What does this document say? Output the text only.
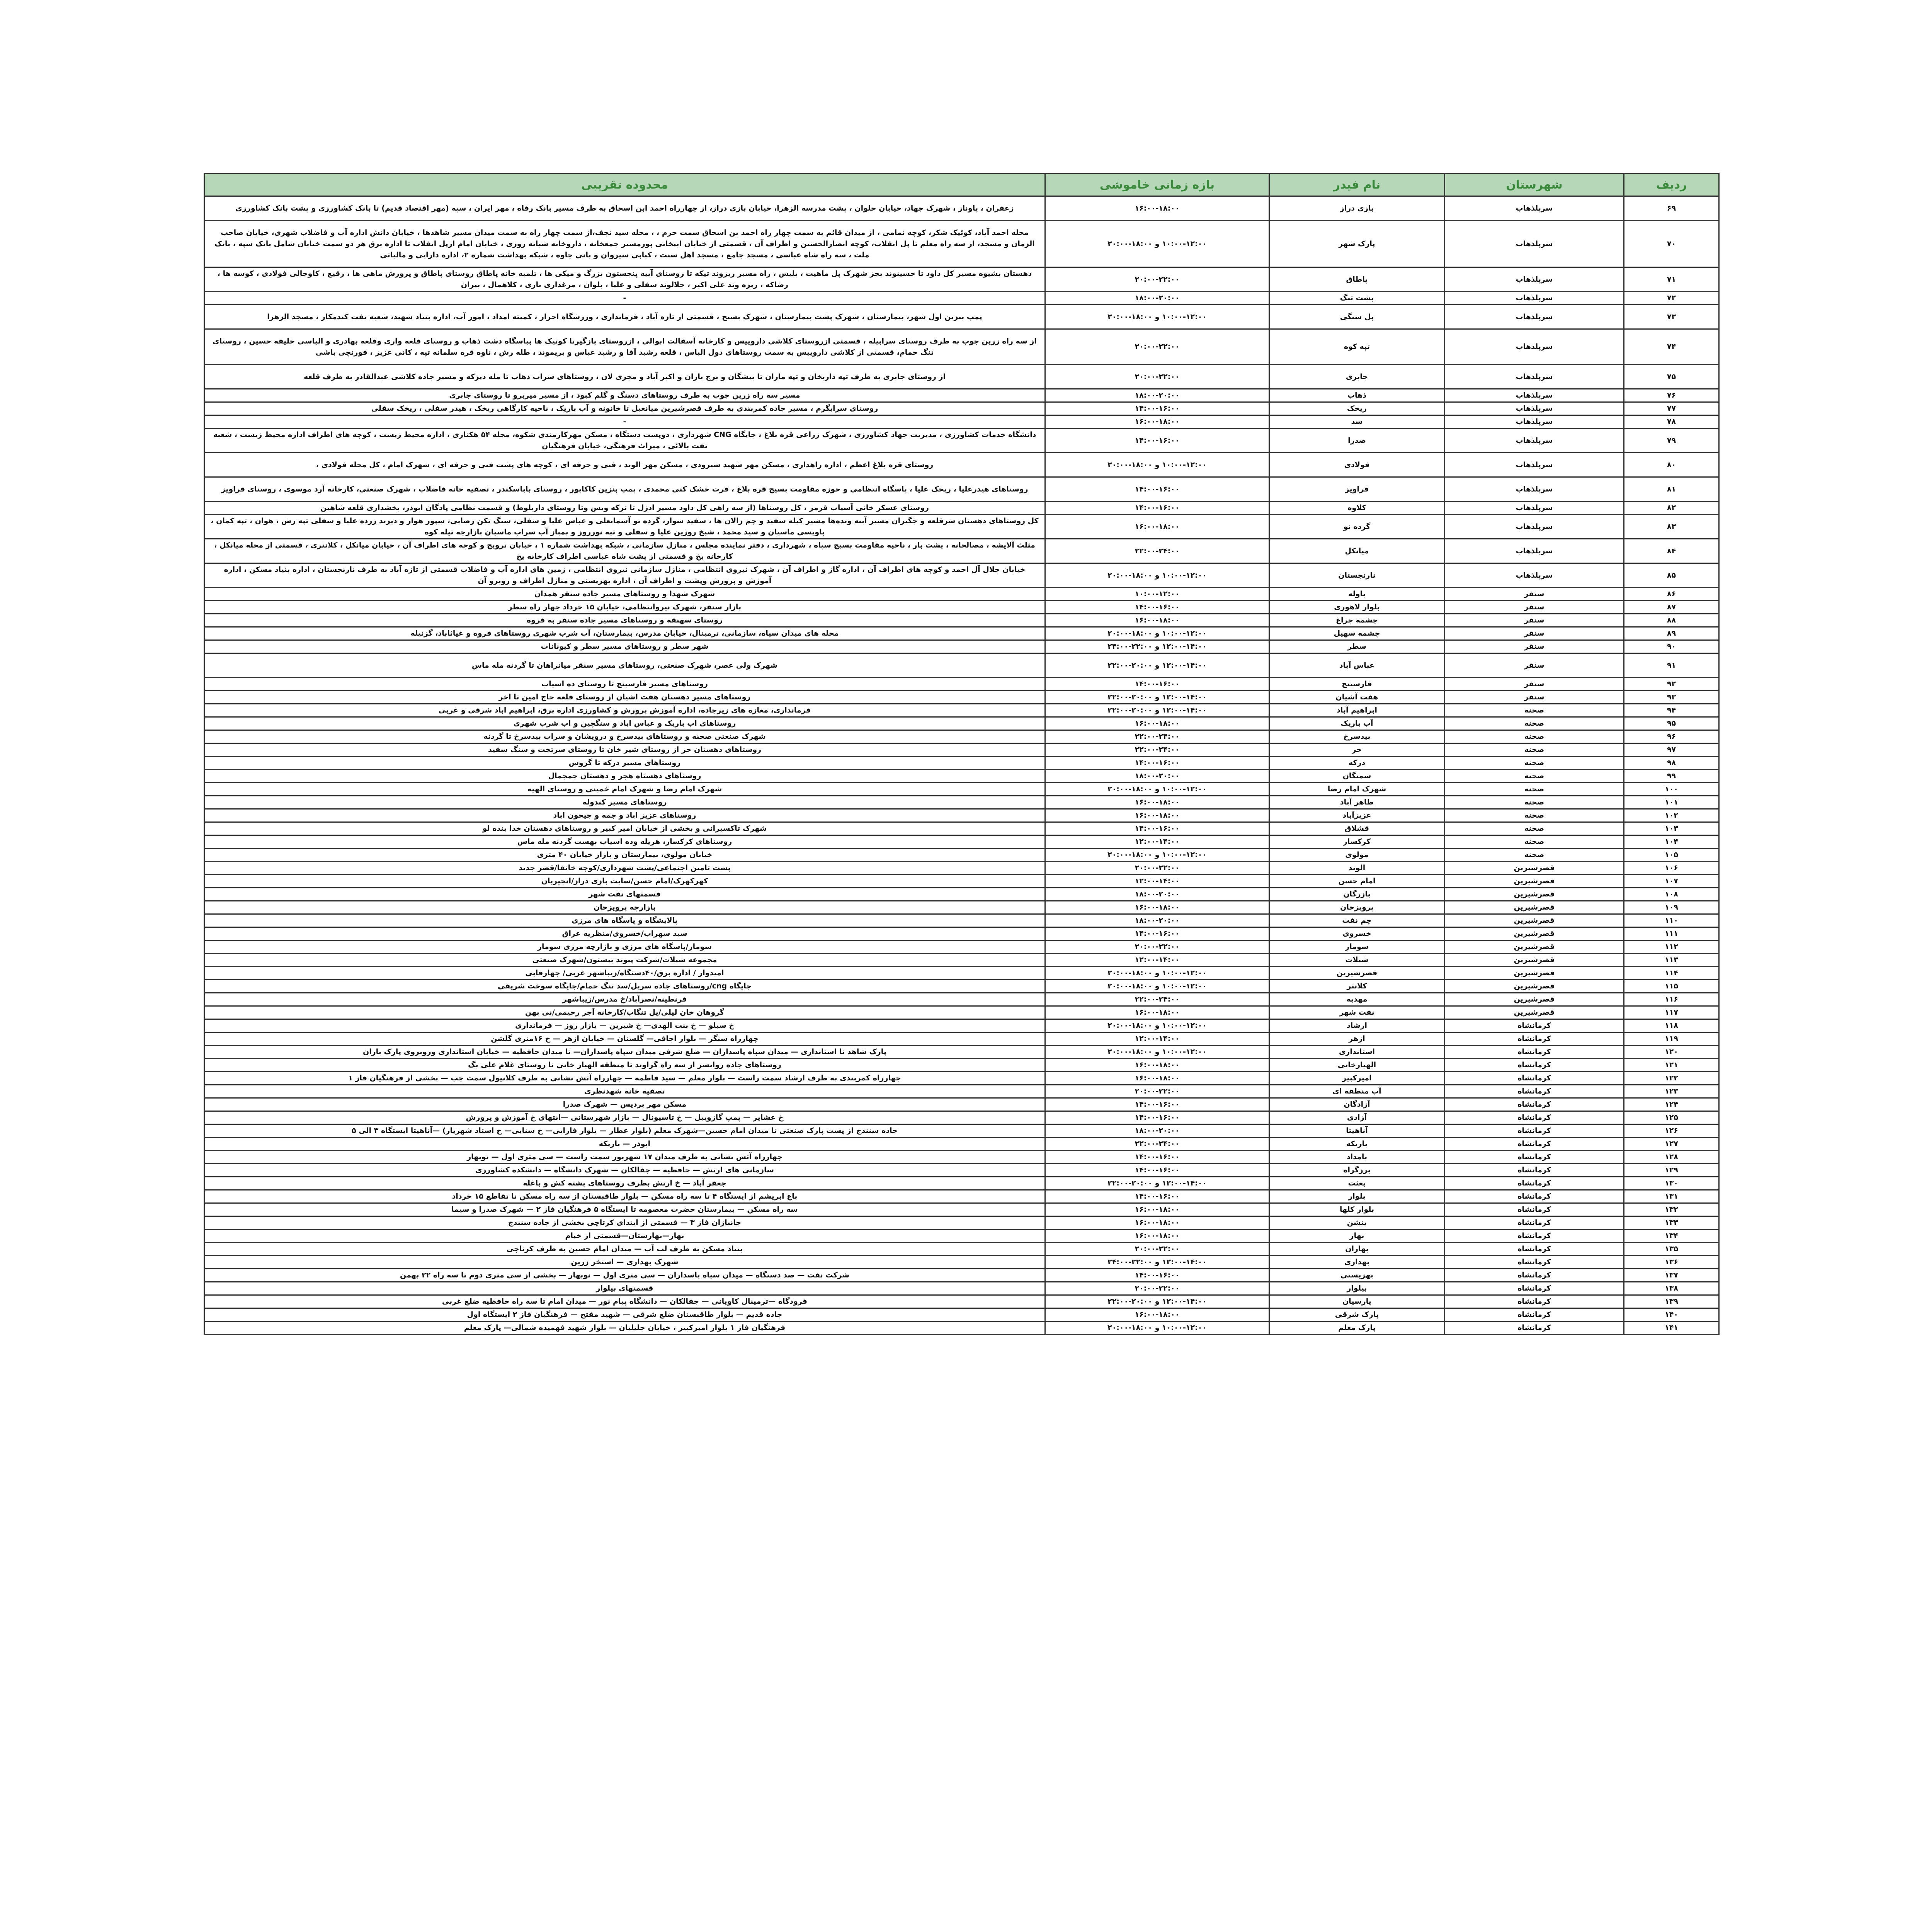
ردیف	شهرستان	نام فیدر	بازه زمانی خاموشی	محدوده تقریبی
۶۹	سرپلذهاب	بازی دراز	۱۶:۰۰-۱۸:۰۰	زعفران ، پاوناز ، شهرک جهاد، خیابان حلوان ، پشت مدرسه الزهرا، خیابان بازی دراز، از چهارراه احمد ابن اسحاق به طرف مسیر بانک رفاه ، مهر ایران ، سپه (مهر اقتصاد قدیم) تا بانک کشاورزی و پشت بانک کشاورزی
۷۰	سرپلذهاب	پارک شهر	۱۰:۰۰-۱۲:۰۰ و ۱۸:۰۰-۲۰:۰۰	محله احمد آباد، کوئیک شکر، کوچه نمامی ، از میدان قائم به سمت چهار راه احمد بن اسحاق سمت حرم ، ، محله سید نجف،از سمت چهار راه به سمت میدان مسیر شاهدها ، خیابان دانش اداره آب و فاضلاب شهری، خیابان صاحب الزمان و مسجد، از سه راه معلم تا پل انقلاب، کوچه انصارالحسین و اطراف آن ، قسمتی از خیابان ابیخانی پورمسیر جمعخانه ، داروخانه شبانه روزی ، خیابان امام ازپل انقلاب تا اداره برق هر دو سمت خیابان شامل بانک سپه ، بانک ملت ، سه راه شاه عباسی ، مسجد جامع ، مسجد اهل سنت ، کبابی سیروان و بانی چاوه ، شبکه بهداشت شماره ۲، اداره دارایی و مالیاتی
۷۱	سرپلذهاب	پاطاق	۲۰:۰۰-۲۲:۰۰	دهستان بشیوه مسیر کل داود تا حسینوند بجز شهرک پل ماهیت ، بلیس ، راه مسیر ریزوند تیکه تا روستای آبیه پنجستون بزرگ و میکی ها ، تلمبه خانه پاطاق روستای پاطاق و پرورش ماهی ها ، رقیع ، کاوجالی فولادی ، کوسه ها ، رضاکه ، ریزه وند علی اکبر ، جلالوند سفلی و علیا ، بلوان ، مرغداری باری ، کلاهمال ، بیران
۷۲	سرپلذهاب	پشت تنگ	۱۸:۰۰-۲۰:۰۰	-
۷۳	سرپلذهاب	پل سنگی	۱۰:۰۰-۱۲:۰۰ و ۱۸:۰۰-۲۰:۰۰	پمپ بنزین اول شهر، بیمارستان ، شهرک پشت بیمارستان ، شهرک بسیج ، قسمتی از تازه آباد ، فرمانداری ، ورزشگاه احرار ، کمیته امداد ، امور آب، اداره بنیاد شهید، شعبه نفت کندمکار ، مسجد الزهرا
۷۴	سرپلذهاب	تپه کوه	۲۰:۰۰-۲۲:۰۰	از سه راه زرین جوب به طرف روستای سرابیله ، قسمتی ازروستای کلاشی داروییس و کارخانه آسفالت ابوالی ، ازروستای بازگیرتا کوتیک ها بیاسگاه دشت ذهاب و روستای قلعه واری وقلعه بهادری و الیاسی خلیفه حسین ، روستای تنگ حمام، قسمتی از کلاشی داروییس به سمت روستاهای دول الباس ، قلعه رشید آقا و رشید عباس و بریموند ، طله رش ، ناوه قره سلمانه تپه ، کانی عزیز ، فورنچی باشی
۷۵	سرپلذهاب	جابری	۲۰:۰۰-۲۲:۰۰	از روستای جابری به طرف تپه داربخان و تپه ماران تا بیشگان و برج باران و اکبر آباد و مجری لان ، روستاهای سراب ذهاب تا مله دیزکه و مسیر جاده کلاشی عبدالقادر به طرف قلعه
۷۶	سرپلذهاب	ذهاب	۱۸:۰۰-۲۰:۰۰	مسیر سه راه زرین جوب به طرف روستاهای دسنگ و گلم کبود ، از مسیر میربرو تا روستای جابری
۷۷	سرپلذهاب	ریخک	۱۴:۰۰-۱۶:۰۰	روستای سرابگرم ، مسیر جاده کمربندی به طرف قصرشیرین میانعبل تا خانونه و آب باریک ، ناحیه کارگاهی ریخک ، هیدر سفلی ، ریخک سفلی
۷۸	سرپلذهاب	سد	۱۶:۰۰-۱۸:۰۰	-
۷۹	سرپلذهاب	صدرا	۱۴:۰۰-۱۶:۰۰	دانشگاه خدمات کشاورزی ، مدیریت جهاد کشاورزی ، شهرک زراعی قره بلاغ ، جایگاه CNG شهرداری ، دوپست دستگاه ، مسکن مهرکارمندی شکوه، محله ۵۴ هکتاری ، اداره محیط زیست ، کوچه های اطراف اداره محیط زیست ، شعبه نفت بالائی ، میراث فرهنگی، خیابان فرهنگیان
۸۰	سرپلذهاب	فولادی	۱۰:۰۰-۱۲:۰۰ و ۱۸:۰۰-۲۰:۰۰	روستای قره بلاغ اعظم ، اداره راهداری ، مسکن مهر شهید شیرودی ، مسکن مهر الوند ، فنی و حرفه ای ، کوچه های پشت فنی و حرفه ای ، شهرک امام ، کل محله فولادی ،
۸۱	سرپلذهاب	قراویز	۱۴:۰۰-۱۶:۰۰	روستاهای هیدرعلیا ، ریخک علیا ، پاسگاه انتظامی و حوزه مقاومت بسیج قره بلاغ ، قرت خشک کنی محمدی ، پمپ بنزین کاکاپور ، روستای باباسکندر ، تصفیه خانه فاضلاب ، شهرک صنعتی، کارخانه آرد موسوی ، روستای قراویز
۸۲	سرپلذهاب	کلاوه	۱۴:۰۰-۱۶:۰۰	روستای عسکر خانی آسیاب قرمز ، کل روستاها (از سه راهی کل داود مسیر ادزل تا ترکه ویس وتا روستای داربلوط) و قسمت نظامی پادگان ابوذر، بخشداری قلعه شاهین
۸۳	سرپلذهاب	گرده نو	۱۶:۰۰-۱۸:۰۰	کل روستاهای دهستان سرقلعه و جگیران مسیر آبنه ونده‌ها مسیر کیله سفید و چم زالان ها ، سفید سوار، گرده نو آسمانعلی و عباس علیا و سفلی، سنگ تکن رضایی، سپور هوار و دیزند زرده علیا و سفلی تپه رش ، هوان ، تپه کمان ، باویسی ماسیان و سید محمد ، شیخ روزین علیا و سفلی و تپه نورروز و بمباز آب سراب ماسیان بازارچه تیله کوه
۸۴	سرپلذهاب	میانکل	۲۲:۰۰-۲۴:۰۰	مثلث آلایشه ، مصالحانه ، پشت بار ، ناحیه مقاومت بسیج سپاه ، شهرداری ، دفتر نماینده مجلس ، منازل سازمانی ، شبکه بهداشت شماره ۱ ، خیابان ترویج و کوچه های اطراف آن ، خیابان میانکل ، کلانتری ، قسمتی از محله میانکل ، کارخانه یخ و قسمتی از پشت شاه عباسی اطراف کارخانه یخ
۸۵	سرپلذهاب	نارنجستان	۱۰:۰۰-۱۲:۰۰ و ۱۸:۰۰-۲۰:۰۰	خیابان جلال آل احمد و کوچه های اطراف آن ، اداره گاز و اطراف آن ، شهرک نیروی انتظامی ، منازل سازمانی نیروی انتظامی ، زمین های اداره آب و فاضلاب قسمتی از تازه آباد به طرف نارنجستان ، اداره بنیاد مسکن ، اداره آموزش و پرورش وپشت و اطراف آن ، اداره بهزیستی و منازل اطراف و روبرو آن
۸۶	سنقر	باوله	۱۰:۰۰-۱۲:۰۰	شهرک شهدا و روستاهای مسیر جاده سنقر همدان
۸۷	سنقر	بلوار لاهوری	۱۴:۰۰-۱۶:۰۰	بازار سنقر، شهرک نیروانتظامی، خیابان ۱۵ خرداد چهار راه سطر
۸۸	سنقر	چشمه چراغ	۱۶:۰۰-۱۸:۰۰	روستای سهنقه و روستاهای مسیر جاده سنقر به فروه
۸۹	سنقر	چشمه سهیل	۱۰:۰۰-۱۲:۰۰ و ۱۸:۰۰-۲۰:۰۰	محله های میدان سپاه، سازمانی، ترمینال، خیابان مدرس، بیمارستان، آب شرب شهری روستاهای فروه و غیاثاباد، گزنیله
۹۰	سنقر	سطر	۱۲:۰۰-۱۴:۰۰ و ۲۲:۰۰-۲۴:۰۰	شهر سطر و روستاهای مسیر سطر و کیونانات
۹۱	سنقر	عباس آباد	۱۲:۰۰-۱۴:۰۰ و ۲۰:۰۰-۲۲:۰۰	شهرک ولی عصر، شهرک صنعتی، روستاهای مسیر سنقر میانراهان تا گردنه مله ماس
۹۲	سنقر	فارسینج	۱۴:۰۰-۱۶:۰۰	روستاهای مسیر فارسینج تا روستای ده اسیاب
۹۳	سنقر	هفت آشیان	۱۲:۰۰-۱۴:۰۰ و ۲۰:۰۰-۲۲:۰۰	روستاهای مسیر دهستان هفت اشیان از روستای قلعه حاج امین تا اخر
۹۴	صحنه	ابراهیم آباد	۱۲:۰۰-۱۴:۰۰ و ۲۰:۰۰-۲۲:۰۰	فرمانداری، مغازه های زیرجاده، اداره آموزش پرورش و کشاورزی اداره برق، ابراهیم اباد شرقی و غربی
۹۵	صحنه	آب باریک	۱۶:۰۰-۱۸:۰۰	روستاهای اب باریک و عباس اباد و سنگچین و اب شرب شهری
۹۶	صحنه	بیدسرخ	۲۲:۰۰-۲۴:۰۰	شهرک صنعتی صحنه و روستاهای بیدسرخ و درویشان و سراب بیدسرخ تا گردنه
۹۷	صحنه	حر	۲۲:۰۰-۲۴:۰۰	روستاهای دهستان حر از روستای شیر خان تا روستای سرتخت و سنگ سفید
۹۸	صحنه	درکه	۱۴:۰۰-۱۶:۰۰	روستاهای مسیر درکه تا گروس
۹۹	صحنه	سمنگان	۱۸:۰۰-۲۰:۰۰	روستاهای دهستاه هجر و دهستان جمجمال
۱۰۰	صحنه	شهرک امام رضا	۱۰:۰۰-۱۲:۰۰ و ۱۸:۰۰-۲۰:۰۰	شهرک امام رضا و شهرک امام خمینی و روستای الهیه
۱۰۱	صحنه	طاهر آباد	۱۶:۰۰-۱۸:۰۰	روستاهای مسیر کندوله
۱۰۲	صحنه	عزیزآباد	۱۶:۰۰-۱۸:۰۰	روستاهای عزیز اباد و جمه و جیحون اباد
۱۰۳	صحنه	قشلاق	۱۴:۰۰-۱۶:۰۰	شهرک تاکسیرانی و بخشی از خیابان امیر کبیر و روستاهای دهستان خدا بنده لو
۱۰۴	صحنه	کرکسار	۱۲:۰۰-۱۴:۰۰	روستاهای کرکسار، هریله وده اسیاب بهست گردنه مله ماس
۱۰۵	صحنه	مولوی	۱۰:۰۰-۱۲:۰۰ و ۱۸:۰۰-۲۰:۰۰	خیابان مولوی، بیمارستان و بازار خیابان ۴۰ متری
۱۰۶	قصرشیرین	الوند	۲۰:۰۰-۲۲:۰۰	پشت تامین اجتماعی/پشت شهرداری/کوچه خاتقا/قصر جدید
۱۰۷	قصرشیرین	امام حسن	۱۲:۰۰-۱۴:۰۰	کهرکهرک/امام حسن/سایت بازی دراز/انجیربان
۱۰۸	قصرشیرین	بازرگان	۱۸:۰۰-۲۰:۰۰	قسمتهای نفت شهر
۱۰۹	قصرشیرین	پرویزخان	۱۶:۰۰-۱۸:۰۰	بازارچه پرویزخان
۱۱۰	قصرشیرین	چم نفت	۱۸:۰۰-۲۰:۰۰	پالایشگاه و پاسگاه های مرزی
۱۱۱	قصرشیرین	خسروی	۱۴:۰۰-۱۶:۰۰	سید سهراب/خسروی/منظریه عراق
۱۱۲	قصرشیرین	سومار	۲۰:۰۰-۲۲:۰۰	سومار/پاسگاه های مرزی و بازارچه مرزی سومار
۱۱۳	قصرشیرین	شیلات	۱۲:۰۰-۱۴:۰۰	مجموعه شیلات/شرکت پیوند بیستون/شهرک صنعتی
۱۱۴	قصرشیرین	قصرشیرین	۱۰:۰۰-۱۲:۰۰ و ۱۸:۰۰-۲۰:۰۰	امیدوار / اداره برق/۴۰دستگاه/زیباشهر غربی/ چهارقاپی
۱۱۵	قصرشیرین	کلانتر	۱۰:۰۰-۱۲:۰۰ و ۱۸:۰۰-۲۰:۰۰	جایگاه cng/روستاهای جاده سرپل/سد تنگ حمام/جایگاه سوخت شریفی
۱۱۶	قصرشیرین	مهدیه	۲۲:۰۰-۲۴:۰۰	فرنطینه/نصرآباد/خ مدرس/زیباشهر
۱۱۷	قصرشیرین	نفت شهر	۱۶:۰۰-۱۸:۰۰	گروهان خان لیلی/پل تنگاب/کارخانه آجر رحیمی/نی بهن
۱۱۸	کرمانشاه	ارشاد	۱۰:۰۰-۱۲:۰۰ و ۱۸:۰۰-۲۰:۰۰	خ سیلو — خ بنت الهدی— خ شیرین — بازار روز — فرمانداری
۱۱۹	کرمانشاه	ازهر	۱۲:۰۰-۱۴:۰۰	چهارراه سنگر — بلوار اجاقی— گلستان — خیابان ازهر — خ ۱۶متری گلشن
۱۲۰	کرمانشاه	استانداری	۱۰:۰۰-۱۲:۰۰ و ۱۸:۰۰-۲۰:۰۰	پارک شاهد تا استانداری — میدان سپاه پاسداران — ضلع شرقی میدان سپاه پاسداران— تا میدان حافظیه — خیابان استانداری وروبروی پارک باران
۱۲۱	کرمانشاه	الهیارخانی	۱۶:۰۰-۱۸:۰۰	روستاهای جاده روانسر از سه راه گراوند تا منطقه الهیار خانی تا روستای غلام علی بگ
۱۲۲	کرمانشاه	امیرکبیر	۱۶:۰۰-۱۸:۰۰	چهارراه کمربندی به طرف ارشاد سمت راست — بلوار معلم — سید فاطمه — چهارراه آتش نشانی به طرف کلانیول سمت چپ — بخشی از فرهنگیان فاز ۱
۱۲۳	کرمانشاه	آب منطقه ای	۲۰:۰۰-۲۲:۰۰	تصفیه خانه شهدنظری
۱۲۴	کرمانشاه	آزادگان	۱۴:۰۰-۱۶:۰۰	مسکن مهر بردیس — شهرک صدرا
۱۲۵	کرمانشاه	آزادی	۱۴:۰۰-۱۶:۰۰	خ عشایر — پمپ گازوییل — خ تاسیونال — بازار شهرستانی —انتهای خ آموزش و پرورش
۱۲۶	کرمانشاه	آناهیتا	۱۸:۰۰-۲۰:۰۰	جاده سنندج از پست پارک صنعتی تا میدان امام حسین—شهرک معلم (بلوار عطار — بلوار فارابی— خ سنایی— خ استاد شهریار) —آناهیتا ایستگاه ۳ الی ۵
۱۲۷	کرمانشاه	باریکه	۲۲:۰۰-۲۴:۰۰	ابوذر — باریکه
۱۲۸	کرمانشاه	بامداد	۱۴:۰۰-۱۶:۰۰	چهارراه آتش نشانی به طرف میدان ۱۷ شهریور سمت راست — سی متری اول — نوبهار
۱۲۹	کرمانشاه	برزگراه	۱۴:۰۰-۱۶:۰۰	سازمانی های ارتش — حافظیه — جفالکان — شهرک دانشگاه — دانشکده کشاورزی
۱۳۰	کرمانشاه	بعثت	۱۲:۰۰-۱۴:۰۰ و ۲۰:۰۰-۲۲:۰۰	جعفر آباد — خ ارتش بطرف روستاهای پشته کش و باغله
۱۳۱	کرمانشاه	بلوار	۱۴:۰۰-۱۶:۰۰	باغ ابریشم از ایستگاه ۴ تا سه راه مسکن — بلوار طاقبستان از سه راه مسکن تا تقاطع ۱۵ خرداد
۱۳۲	کرمانشاه	بلوار کلها	۱۶:۰۰-۱۸:۰۰	سه راه مسکن — بیمارستان حضرت معصومه تا ایستگاه ۵ فرهنگیان فاز ۲ — شهرک صدرا و سیما
۱۳۳	کرمانشاه	بنشن	۱۶:۰۰-۱۸:۰۰	جانبازان فاز ۳ — قسمتی از ابتدای کرتاچی بخشی از جاده سنندج
۱۳۴	کرمانشاه	بهار	۱۶:۰۰-۱۸:۰۰	بهار—بهارستان—قسمتی از خیام
۱۳۵	کرمانشاه	بهاران	۲۰:۰۰-۲۲:۰۰	بنیاد مسکن به طرف لب آب — میدان امام حسین به طرف کرتاچی
۱۳۶	کرمانشاه	بهداری	۱۲:۰۰-۱۴:۰۰ و ۲۲:۰۰-۲۴:۰۰	شهرک بهداری — استخر زرین
۱۳۷	کرمانشاه	بهزیستی	۱۴:۰۰-۱۶:۰۰	شرکت نفت — صد دستگاه — میدان سپاه پاسداران — سی متری اول — نوبهار — بخشی از سی متری دوم تا سه راه ۲۲ بهمن
۱۳۸	کرمانشاه	بیلوار	۲۰:۰۰-۲۲:۰۰	قسمتهای بیلوار
۱۳۹	کرمانشاه	پارسیان	۱۲:۰۰-۱۴:۰۰ و ۲۰:۰۰-۲۲:۰۰	فرودگاه —ترمینال کاوپانی — جفالکان — دانشگاه پیام نور — میدان امام تا سه راه حافظیه ضلع غربی
۱۴۰	کرمانشاه	پارک شرقی	۱۶:۰۰-۱۸:۰۰	جاده قدیم — بلوار طاقبستان ضلع شرقی — شهید مفتح — فرهنگیان فاز ۲ ایستگاه اول
۱۴۱	کرمانشاه	پارک معلم	۱۰:۰۰-۱۲:۰۰ و ۱۸:۰۰-۲۰:۰۰	فرهنگیان فاز ۱ بلوار امیرکبیر ، خیابان جلیلیان — بلوار شهید فهمیده شمالی— پارک معلم
